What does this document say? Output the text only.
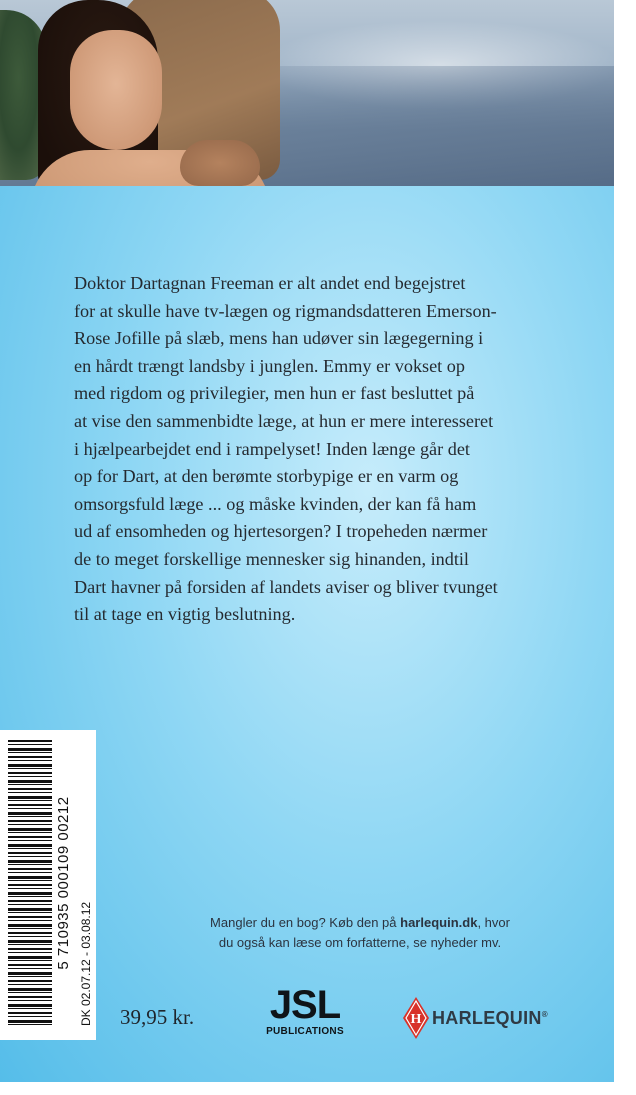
Doktor Dartagnan Freeman er alt andet end begejstret
for at skulle have tv-lægen og rigmandsdatteren Emerson-
Rose Jofille på slæb, mens han udøver sin lægegerning i
en hårdt trængt landsby i junglen. Emmy er vokset op
med rigdom og privilegier, men hun er fast besluttet på
at vise den sammenbidte læge, at hun er mere interesseret
i hjælpearbejdet end i rampelyset! Inden længe går det
op for Dart, at den berømte storbypige er en varm og
omsorgsfuld læge ... og måske kvinden, der kan få ham
ud af ensomheden og hjertesorgen? I tropeheden nærmer
de to meget forskellige mennesker sig hinanden, indtil
Dart havner på forsiden af landets aviser og bliver tvunget
til at tage en vigtig beslutning.

5 710935 000109 00212 DK 02.07.12 - 03.08.12	Mangler du en bog? Køb den på harlequin.dk, hvor
du også kan læse om forfatterne, se nyheder mv.

39,95 kr. JSL
PUBLICATIONS
H HARLEQUIN®
